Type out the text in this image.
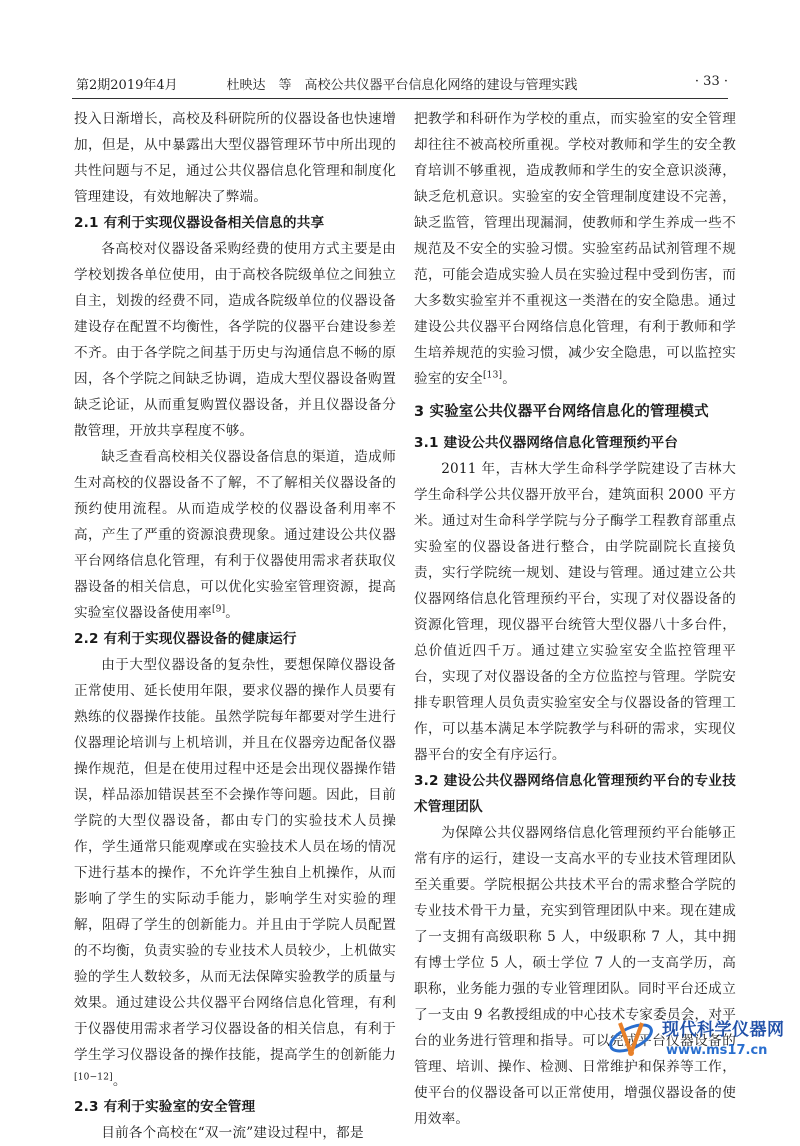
第2期2019年4月	杜映达　等　高校公共仪器平台信息化网络的建设与管理实践	· 33 ·

投入日渐增长，高校及科研院所的仪器设备也快速增加，但是，从中暴露出大型仪器管理环节中所出现的共性问题与不足，通过公共仪器信息化管理和制度化管理建设，有效地解决了弊端。

2.1 有利于实现仪器设备相关信息的共享

各高校对仪器设备采购经费的使用方式主要是由学校划拨各单位使用，由于高校各院级单位之间独立自主，划拨的经费不同，造成各院级单位的仪器设备建设存在配置不均衡性，各学院的仪器平台建设参差不齐。由于各学院之间基于历史与沟通信息不畅的原因，各个学院之间缺乏协调，造成大型仪器设备购置缺乏论证，从而重复购置仪器设备，并且仪器设备分散管理，开放共享程度不够。

缺乏查看高校相关仪器设备信息的渠道，造成师生对高校的仪器设备不了解，不了解相关仪器设备的预约使用流程。从而造成学校的仪器设备利用率不高，产生了严重的资源浪费现象。通过建设公共仪器平台网络信息化管理，有利于仪器使用需求者获取仪器设备的相关信息，可以优化实验室管理资源，提高实验室仪器设备使用率[9]。

2.2 有利于实现仪器设备的健康运行

由于大型仪器设备的复杂性，要想保障仪器设备正常使用、延长使用年限，要求仪器的操作人员要有熟练的仪器操作技能。虽然学院每年都要对学生进行仪器理论培训与上机培训，并且在仪器旁边配备仪器操作规范，但是在使用过程中还是会出现仪器操作错误，样品添加错误甚至不会操作等问题。因此，目前学院的大型仪器设备，都由专门的实验技术人员操作，学生通常只能观摩或在实验技术人员在场的情况下进行基本的操作，不允许学生独自上机操作，从而影响了学生的实际动手能力，影响学生对实验的理解，阻碍了学生的创新能力。并且由于学院人员配置的不均衡，负责实验的专业技术人员较少，上机做实验的学生人数较多，从而无法保障实验教学的质量与效果。通过建设公共仪器平台网络信息化管理，有利于仪器使用需求者学习仪器设备的相关信息，有利于学生学习仪器设备的操作技能，提高学生的创新能力[10−12]。

2.3 有利于实验室的安全管理

目前各个高校在“双一流”建设过程中，都是

把教学和科研作为学校的重点，而实验室的安全管理却往往不被高校所重视。学校对教师和学生的安全教育培训不够重视，造成教师和学生的安全意识淡薄，缺乏危机意识。实验室的安全管理制度建设不完善，缺乏监管，管理出现漏洞，使教师和学生养成一些不规范及不安全的实验习惯。实验室药品试剂管理不规范，可能会造成实验人员在实验过程中受到伤害，而大多数实验室并不重视这一类潜在的安全隐患。通过建设公共仪器平台网络信息化管理，有利于教师和学生培养规范的实验习惯，减少安全隐患，可以监控实验室的安全[13]。

3 实验室公共仪器平台网络信息化的管理模式
3.1 建设公共仪器网络信息化管理预约平台

2011 年，吉林大学生命科学学院建设了吉林大学生命科学公共仪器开放平台，建筑面积 2000 平方米。通过对生命科学学院与分子酶学工程教育部重点实验室的仪器设备进行整合，由学院副院长直接负责，实行学院统一规划、建设与管理。通过建立公共仪器网络信息化管理预约平台，实现了对仪器设备的资源化管理，现仪器平台统管大型仪器八十多台件，总价值近四千万。通过建立实验室安全监控管理平台，实现了对仪器设备的全方位监控与管理。学院安排专职管理人员负责实验室安全与仪器设备的管理工作，可以基本满足本学院教学与科研的需求，实现仪器平台的安全有序运行。

3.2 建设公共仪器网络信息化管理预约平台的专业技术管理团队

为保障公共仪器网络信息化管理预约平台能够正常有序的运行，建设一支高水平的专业技术管理团队至关重要。学院根据公共技术平台的需求整合学院的专业技术骨干力量，充实到管理团队中来。现在建成了一支拥有高级职称 5 人，中级职称 7 人，其中拥有博士学位 5 人，硕士学位 7 人的一支高学历，高职称，业务能力强的专业管理团队。同时平台还成立了一支由 9 名教授组成的中心技术专家委员会，对平台的业务进行管理和指导。可以完成平台仪器设备的管理、培训、操作、检测、日常维护和保养等工作，使平台的仪器设备可以正常使用，增强仪器设备的使用效率。

现代科学仪器网
www.ms17.cn
